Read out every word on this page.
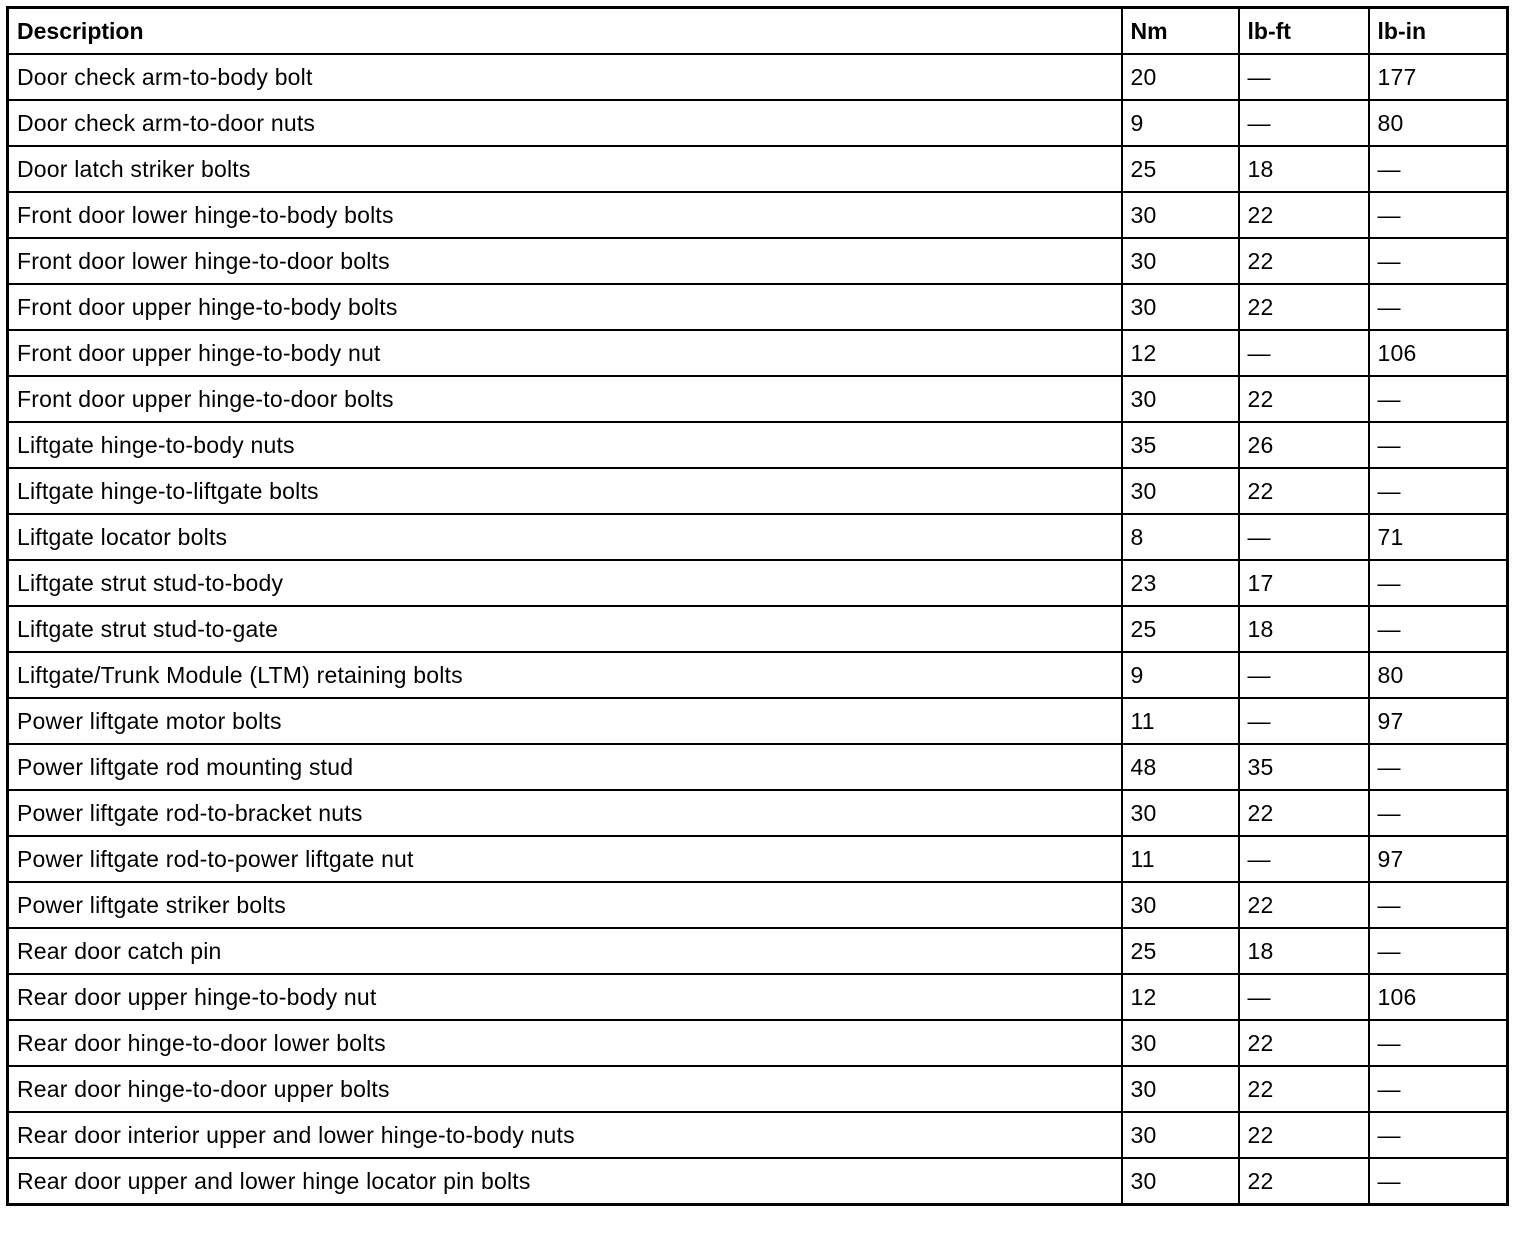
Description	Nm	lb-ft	lb-in
Door check arm-to-body bolt	20	—	177
Door check arm-to-door nuts	9	—	80
Door latch striker bolts	25	18	—
Front door lower hinge-to-body bolts	30	22	—
Front door lower hinge-to-door bolts	30	22	—
Front door upper hinge-to-body bolts	30	22	—
Front door upper hinge-to-body nut	12	—	106
Front door upper hinge-to-door bolts	30	22	—
Liftgate hinge-to-body nuts	35	26	—
Liftgate hinge-to-liftgate bolts	30	22	—
Liftgate locator bolts	8	—	71
Liftgate strut stud-to-body	23	17	—
Liftgate strut stud-to-gate	25	18	—
Liftgate/Trunk Module (LTM) retaining bolts	9	—	80
Power liftgate motor bolts	11	—	97
Power liftgate rod mounting stud	48	35	—
Power liftgate rod-to-bracket nuts	30	22	—
Power liftgate rod-to-power liftgate nut	11	—	97
Power liftgate striker bolts	30	22	—
Rear door catch pin	25	18	—
Rear door upper hinge-to-body nut	12	—	106
Rear door hinge-to-door lower bolts	30	22	—
Rear door hinge-to-door upper bolts	30	22	—
Rear door interior upper and lower hinge-to-body nuts	30	22	—
Rear door upper and lower hinge locator pin bolts	30	22	—
